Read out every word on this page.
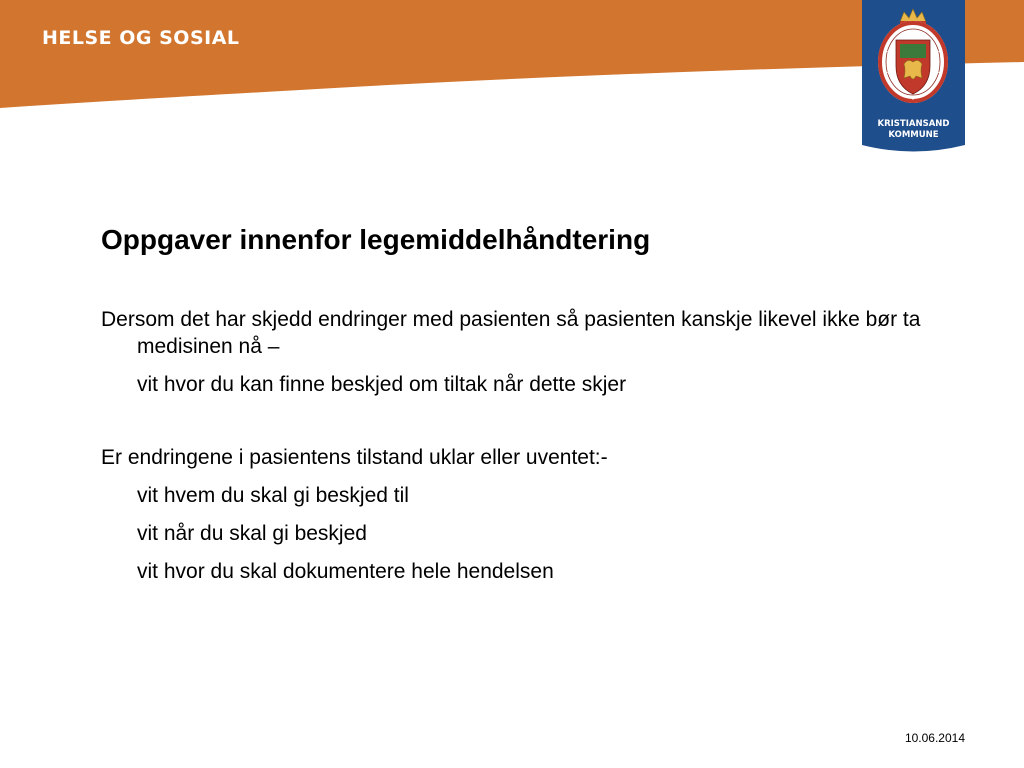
HELSE OG SOSIAL
KRISTIANSAND
KOMMUNE
Oppgaver innenfor legemiddelhåndtering

Dersom det har skjedd endringer med pasienten så pasienten kanskje likevel ikke bør ta medisinen nå –

vit hvor du kan finne beskjed om tiltak når dette skjer

Er endringene i pasientens tilstand uklar eller uventet:-

vit hvem du skal gi beskjed til

vit når du skal gi beskjed

vit hvor du skal dokumentere hele hendelsen

10.06.2014
